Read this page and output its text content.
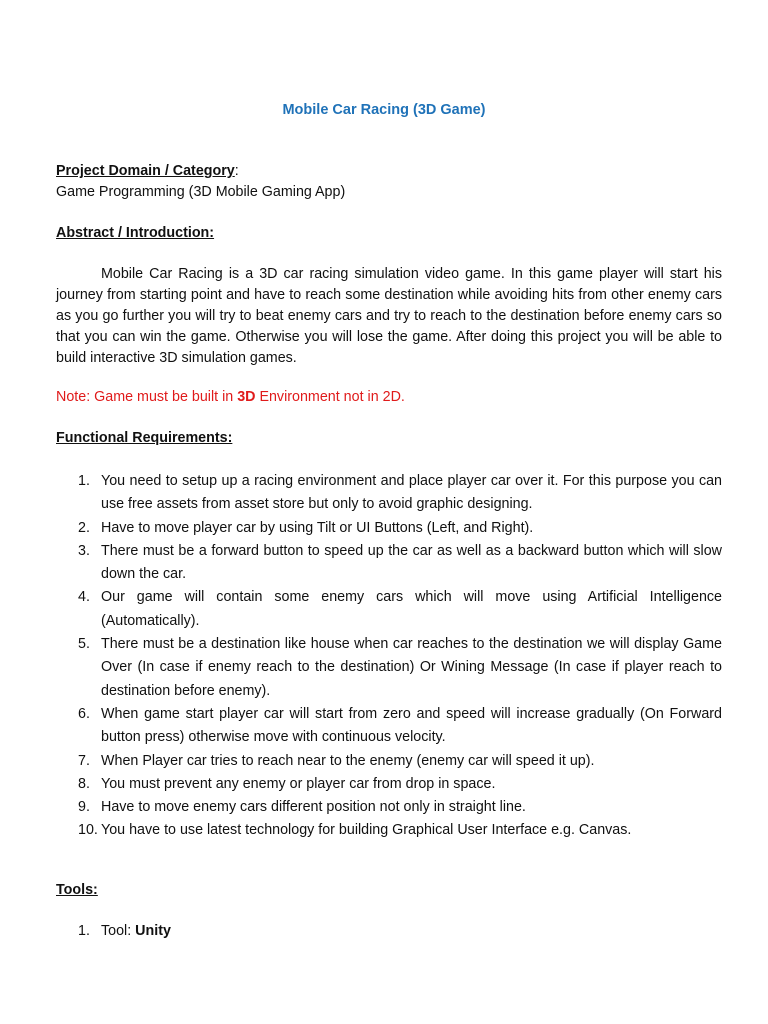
Mobile Car Racing (3D Game)
Project Domain / Category:
Game Programming (3D Mobile Gaming App)
Abstract / Introduction:
Mobile Car Racing is a 3D car racing simulation video game. In this game player will start his journey from starting point and have to reach some destination while avoiding hits from other enemy cars as you go further you will try to beat enemy cars and try to reach to the destination before enemy cars so that you can win the game. Otherwise you will lose the game. After doing this project you will be able to build interactive 3D simulation games.
Note: Game must be built in 3D Environment not in 2D.
Functional Requirements:
1. You need to setup up a racing environment and place player car over it. For this purpose you can use free assets from asset store but only to avoid graphic designing.
2. Have to move player car by using Tilt or UI Buttons (Left, and Right).
3. There must be a forward button to speed up the car as well as a backward button which will slow down the car.
4. Our game will contain some enemy cars which will move using Artificial Intelligence (Automatically).
5. There must be a destination like house when car reaches to the destination we will display Game Over (In case if enemy reach to the destination) Or Wining Message (In case if player reach to destination before enemy).
6. When game start player car will start from zero and speed will increase gradually (On Forward button press) otherwise move with continuous velocity.
7. When Player car tries to reach near to the enemy (enemy car will speed it up).
8. You must prevent any enemy or player car from drop in space.
9. Have to move enemy cars different position not only in straight line.
10. You have to use latest technology for building Graphical User Interface e.g. Canvas.
Tools:
1. Tool: Unity
